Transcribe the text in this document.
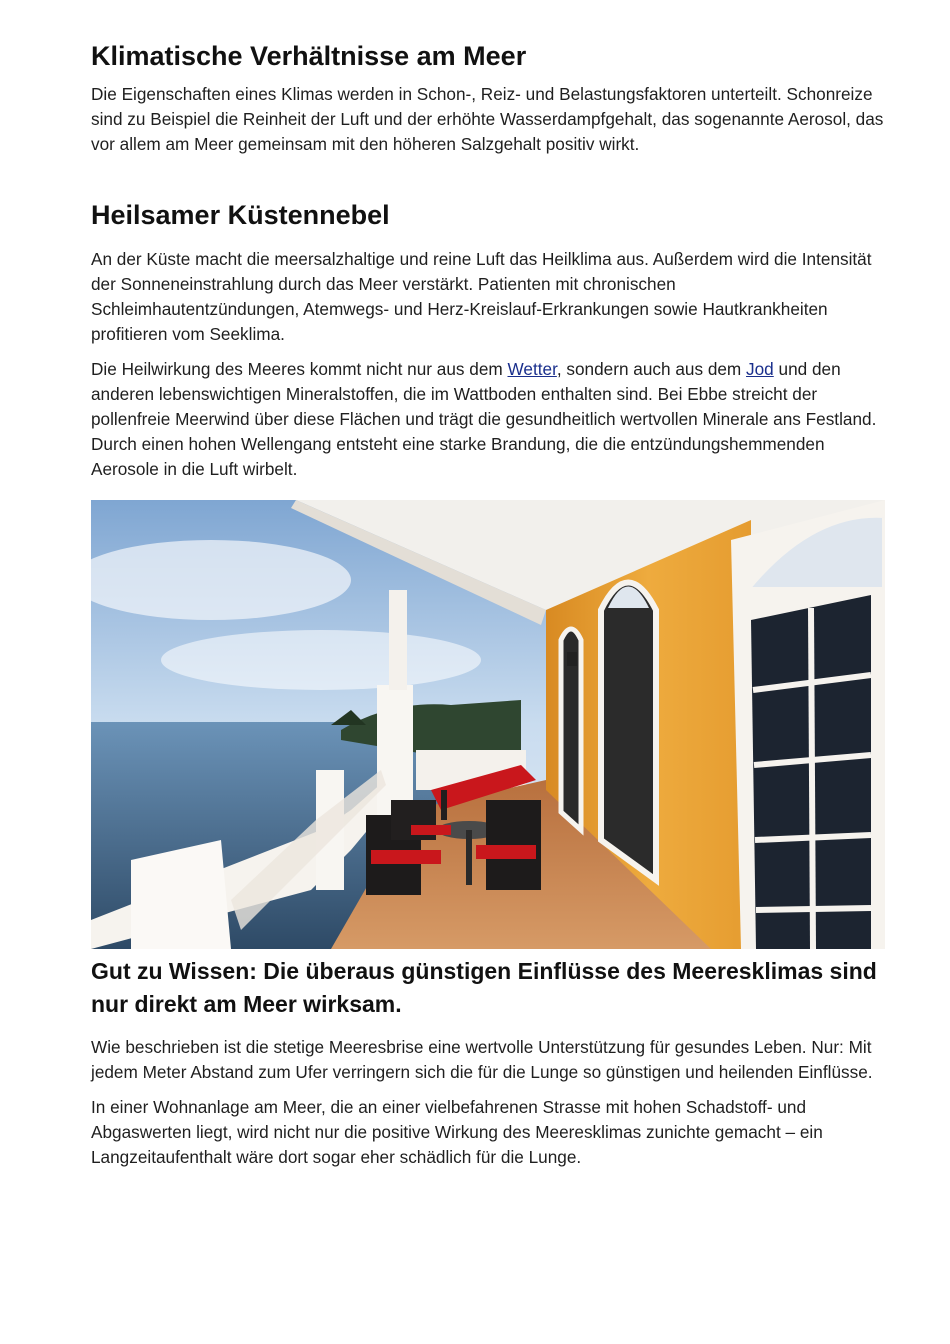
Klimatische Verhältnisse am Meer

Die Eigenschaften eines Klimas werden in Schon-, Reiz- und Belastungsfaktoren unterteilt. Schonreize sind zu Beispiel die Reinheit der Luft und der erhöhte Wasserdampfgehalt, das sogenannte Aerosol, das vor allem am Meer gemeinsam mit den höheren Salzgehalt positiv wirkt.

Heilsamer Küstennebel

An der Küste macht die meersalzhaltige und reine Luft das Heilklima aus. Außerdem wird die Intensität der Sonneneinstrahlung durch das Meer verstärkt. Patienten mit chronischen Schleimhautentzündungen, Atemwegs- und Herz-Kreislauf-Erkrankungen sowie Hautkrankheiten profitieren vom Seeklima.

Die Heilwirkung des Meeres kommt nicht nur aus dem Wetter, sondern auch aus dem Jod und den anderen lebenswichtigen Mineralstoffen, die im Wattboden enthalten sind. Bei Ebbe streicht der pollenfreie Meerwind über diese Flächen und trägt die gesundheitlich wertvollen Minerale ans Festland. Durch einen hohen Wellengang entsteht eine starke Brandung, die die entzündungshemmenden Aerosole in die Luft wirbelt.

Gut zu Wissen: Die überaus günstigen Einflüsse des Meeresklimas sind nur direkt am Meer wirksam.

Wie beschrieben ist die stetige Meeresbrise eine wertvolle Unterstützung für gesundes Leben. Nur: Mit jedem Meter Abstand zum Ufer verringern sich die für die Lunge so günstigen und heilenden Einflüsse.

In einer Wohnanlage am Meer, die an einer vielbefahrenen Strasse mit hohen Schadstoff- und Abgaswerten liegt, wird nicht nur die positive Wirkung des Meeresklimas zunichte gemacht – ein Langzeitaufenthalt wäre dort sogar eher schädlich für die Lunge.
